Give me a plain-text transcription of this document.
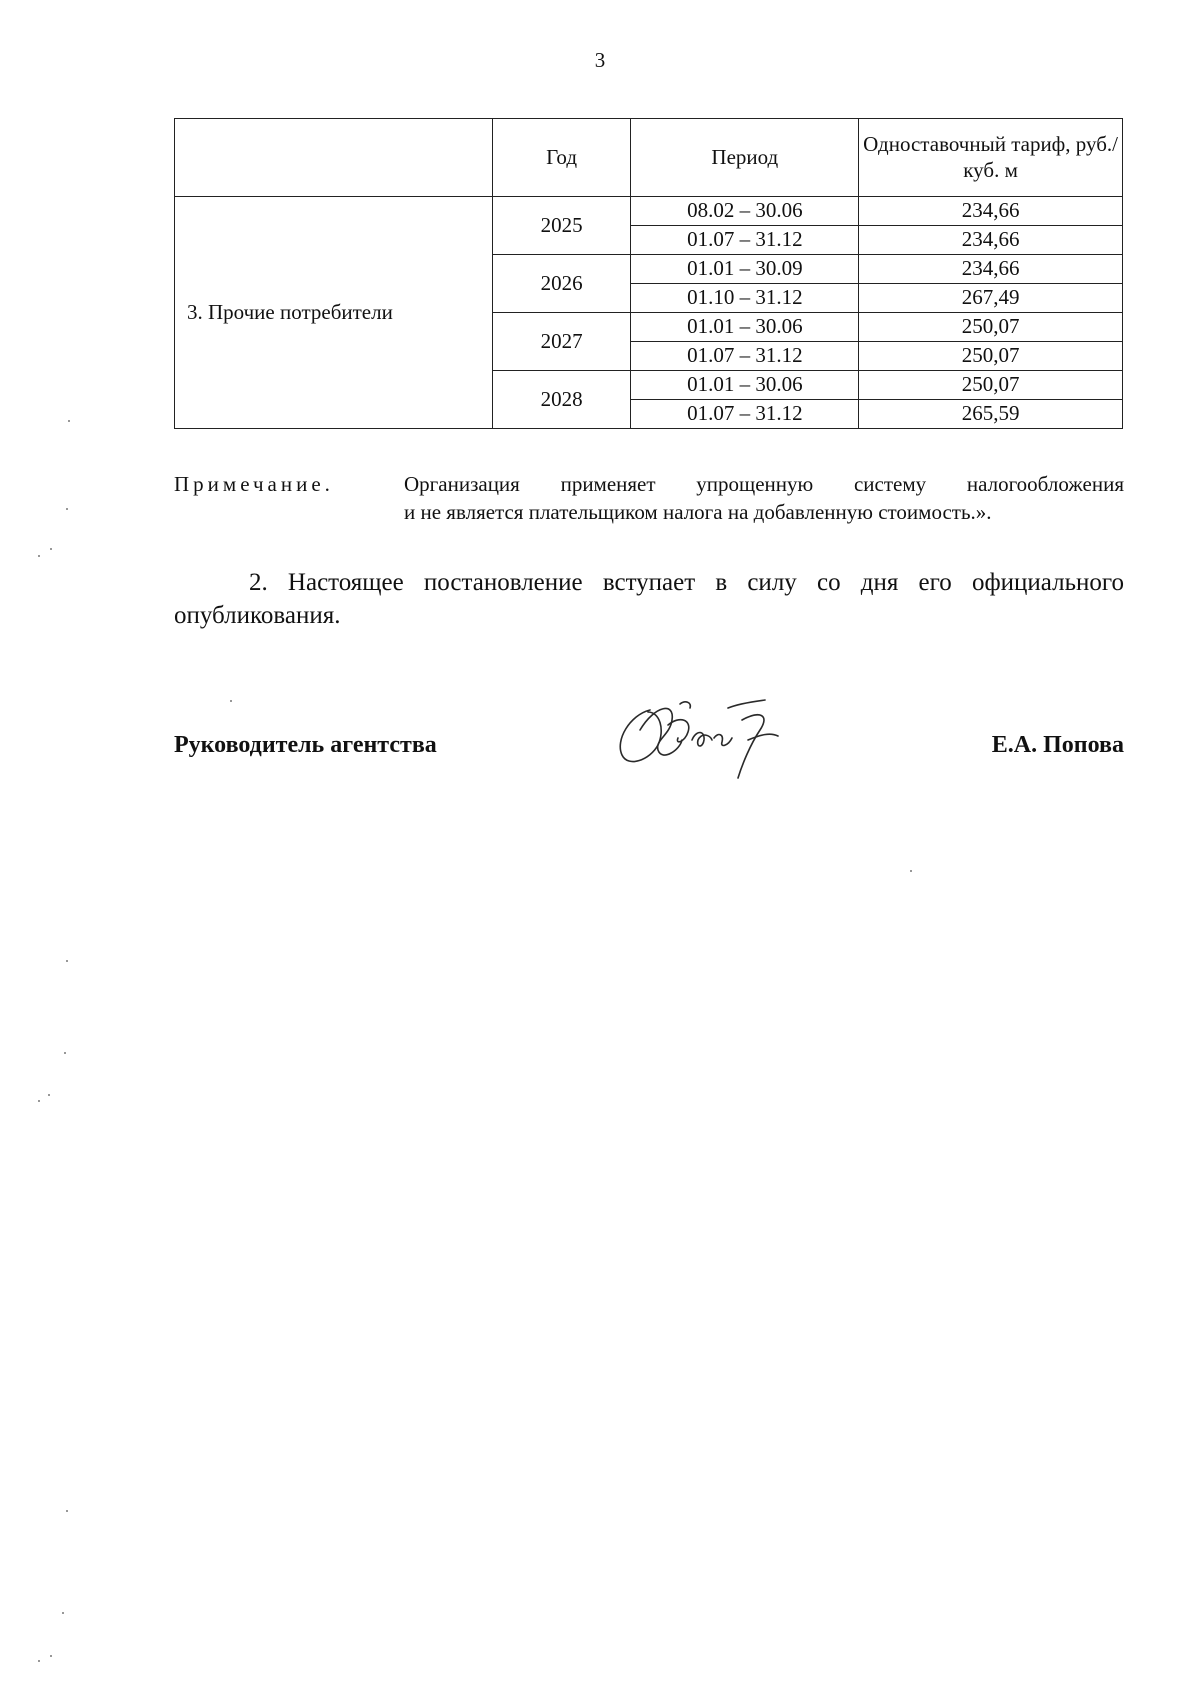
3
	Год	Период	Одноставочный тариф, руб./куб. м
3. Прочие потребители	2025	08.02 – 30.06	234,66
		01.07 – 31.12	234,66
	2026	01.01 – 30.09	234,66
		01.10 – 31.12	267,49
	2027	01.01 – 30.06	250,07
		01.07 – 31.12	250,07
	2028	01.01 – 30.06	250,07
		01.07 – 31.12	265,59
Примечание.	Организация применяет упрощенную систему налогообложения
и не является плательщиком налога на добавленную стоимость.».
2. Настоящее постановление вступает в силу со дня его официального опубликования.
Руководитель агентства	Е.А. Попова
